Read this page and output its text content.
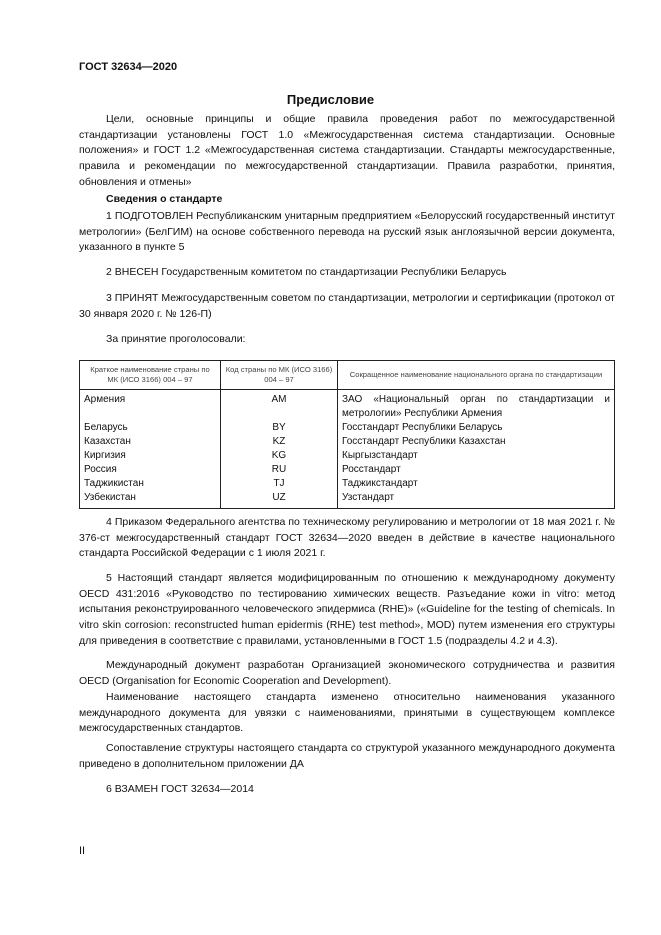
ГОСТ 32634—2020
Предисловие

Цели, основные принципы и общие правила проведения работ по межгосударственной стандартизации установлены ГОСТ 1.0 «Межгосударственная система стандартизации. Основные положения» и ГОСТ 1.2 «Межгосударственная система стандартизации. Стандарты межгосударственные, правила и рекомендации по межгосударственной стандартизации. Правила разработки, принятия, обновления и отмены»

Сведения о стандарте

1 ПОДГОТОВЛЕН Республиканским унитарным предприятием «Белорусский государственный институт метрологии» (БелГИМ) на основе собственного перевода на русский язык англоязычной версии документа, указанного в пункте 5

2 ВНЕСЕН Государственным комитетом по стандартизации Республики Беларусь

3 ПРИНЯТ Межгосударственным советом по стандартизации, метрологии и сертификации (протокол от 30 января 2020 г. № 126-П)

За принятие проголосовали:

Краткое наименование страны по МК (ИСО 3166) 004 – 97	Код страны по МК (ИСО 3166) 004 – 97	Сокращенное наименование национального органа по стандартизации
Армения	AM	ЗАО «Национальный орган по стандартизации и метрологии» Республики Армения
Беларусь	BY	Госстандарт Республики Беларусь
Казахстан	KZ	Госстандарт Республики Казахстан
Киргизия	KG	Кыргызстандарт
Россия	RU	Росстандарт
Таджикистан	TJ	Таджикстандарт
Узбекистан	UZ	Узстандарт

4 Приказом Федерального агентства по техническому регулированию и метрологии от 18 мая 2021 г. № 376-ст межгосударственный стандарт ГОСТ 32634—2020 введен в действие в качестве национального стандарта Российской Федерации с 1 июля 2021 г.

5 Настоящий стандарт является модифицированным по отношению к международному документу OECD 431:2016 «Руководство по тестированию химических веществ. Разъедание кожи in vitro: метод испытания реконструированного человеческого эпидермиса (RHE)» («Guideline for the testing of chemicals. In vitro skin corrosion: reconstructed human epidermis (RHE) test method», MOD) путем изменения его структуры для приведения в соответствие с правилами, установленными в ГОСТ 1.5 (подразделы 4.2 и 4.3).

Международный документ разработан Организацией экономического сотрудничества и развития OECD (Organisation for Economic Cooperation and Development).

Наименование настоящего стандарта изменено относительно наименования указанного международного документа для увязки с наименованиями, принятыми в существующем комплексе межгосударственных стандартов.

Сопоставление структуры настоящего стандарта со структурой указанного международного документа приведено в дополнительном приложении ДА

6 ВЗАМЕН ГОСТ 32634—2014

II
